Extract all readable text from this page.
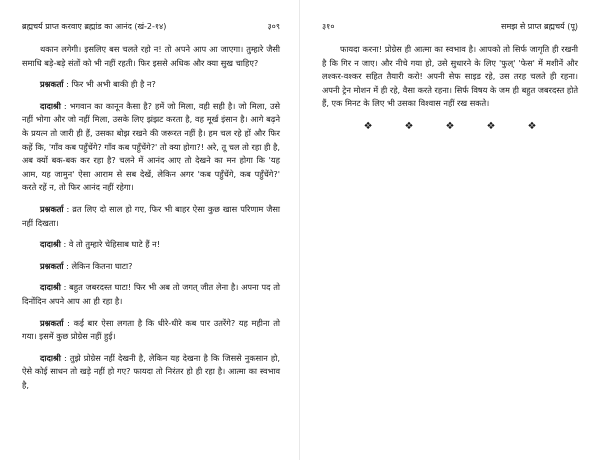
ब्रह्मचर्य प्राप्त करवाए ब्रह्मांड का आनंद (खं-2-१४)	३०९

थकान लगेगी। इसलिए बस चलते रहो न! तो अपने आप आ जाएगा। तुम्हारे जैसी समाधि बड़े-बड़े संतों को भी नहीं रहती। फिर इससे अधिक और क्या सुख चाहिए?

प्रश्नकर्ता : फिर भी अभी बाकी ही है न?

दादाश्री : भगवान का कानून कैसा है? हमें जो मिला, वही सही है। जो मिला, उसे नहीं भोगा और जो नहीं मिला, उसके लिए झंझट करता है, वह मूर्ख इंसान है। आगे बढ़ने के प्रयत्न तो जारी ही हैं, उसका बोझ रखने की जरूरत नहीं है। हम चल रहे हों और फिर कहें कि, 'गाँव कब पहुँचेंगे? गाँव कब पहुँचेंगे?' तो क्या होगा?! अरे, तू चल तो रहा ही है, अब क्यों बक-बक कर रहा है? चलने में आनंद आए तो देखने का मन होगा कि 'यह आम, यह जामुन' ऐसा आराम से सब देखें, लेकिन अगर 'कब पहुँचेंगे, कब पहुँचेंगे?' करते रहें न, तो फिर आनंद नहीं रहेगा।

प्रश्नकर्ता : व्रत लिए दो साल हो गए, फिर भी बाहर ऐसा कुछ खास परिणाम जैसा नहीं दिखता।

दादाश्री : वे तो तुम्हारे चेहिसाब घाटे हैं न!

प्रश्नकर्ता : लेकिन कितना घाटा?

दादाश्री : बहुत जबरदस्त घाटा! फिर भी अब तो जगत् जीत लेना है। अपना पद तो दिनोंदिन अपने आप आ ही रहा है।

प्रश्नकर्ता : कई बार ऐसा लगता है कि धीरे-धीरे कब पार उतरेंगे? यह महीना तो गया। इसमें कुछ प्रोग्रेस नहीं हुई।

दादाश्री : तुझे प्रोग्रेस नहीं देखनी है, लेकिन यह देखना है कि जिससे नुकसान हो, ऐसे कोई साधन तो खड़े नहीं हो गए? फायदा तो निरंतर हो ही रहा है। आत्मा का स्वभाव है,

३१०	समझ से प्राप्त ब्रह्मचर्य (पू)

फायदा करना! प्रोग्रेस ही आत्मा का स्वभाव है। आपको तो सिर्फ जागृति ही रखनी है कि गिर न जाए। और नीचे गया हो, उसे सुधारने के लिए 'फुल्' 'फेस' में मशीनें और लश्कर-वश्कर सहित तैयारी करो! अपनी सेफ साइड रहे, उस तरह चलते ही रहना। अपनी ट्रेन मोशन में ही रहे, वैसा करते रहना। सिर्फ विषय के जम ही बहुत जबरदस्त होते हैं, एक मिनट के लिए भी उसका विश्वास नहीं रख सकते।

❖	❖	❖	❖	❖
